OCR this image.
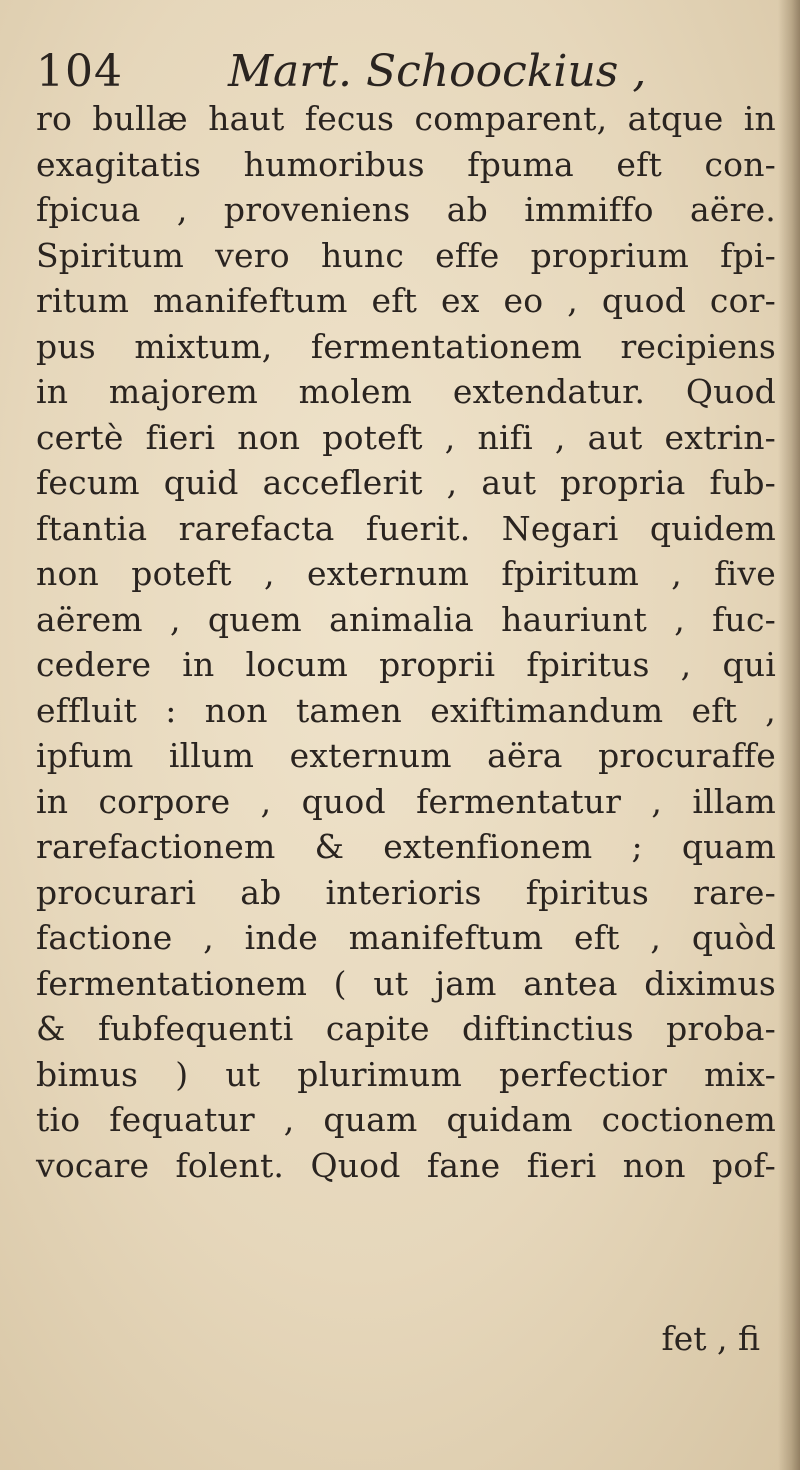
104 Mart. Schoockius ,
ro bullæ haut fecus comparent, atque in
exagitatis humoribus fpuma eft con-
fpicua , proveniens ab immiffo aëre.
Spiritum vero hunc effe proprium fpi-
ritum manifeftum eft ex eo , quod cor-
pus mixtum, fermentationem recipiens
in majorem molem extendatur. Quod
certè fieri non poteft , nifi , aut extrin-
fecum quid acceflerit , aut propria fub-
ftantia rarefacta fuerit. Negari quidem
non poteft , externum fpiritum , five
aërem , quem animalia hauriunt , fuc-
cedere in locum proprii fpiritus , qui
effluit : non tamen exiftimandum eft ,
ipfum illum externum aëra procuraffe
in corpore , quod fermentatur , illam
rarefactionem & extenfionem ; quam
procurari ab interioris fpiritus rare-
factione , inde manifeftum eft , quòd
fermentationem ( ut jam antea diximus
& fubfequenti capite diftinctius proba-
bimus ) ut plurimum perfectior mix-
tio fequatur , quam quidam coctionem
vocare folent. Quod fane fieri non pof-
fet , fi
